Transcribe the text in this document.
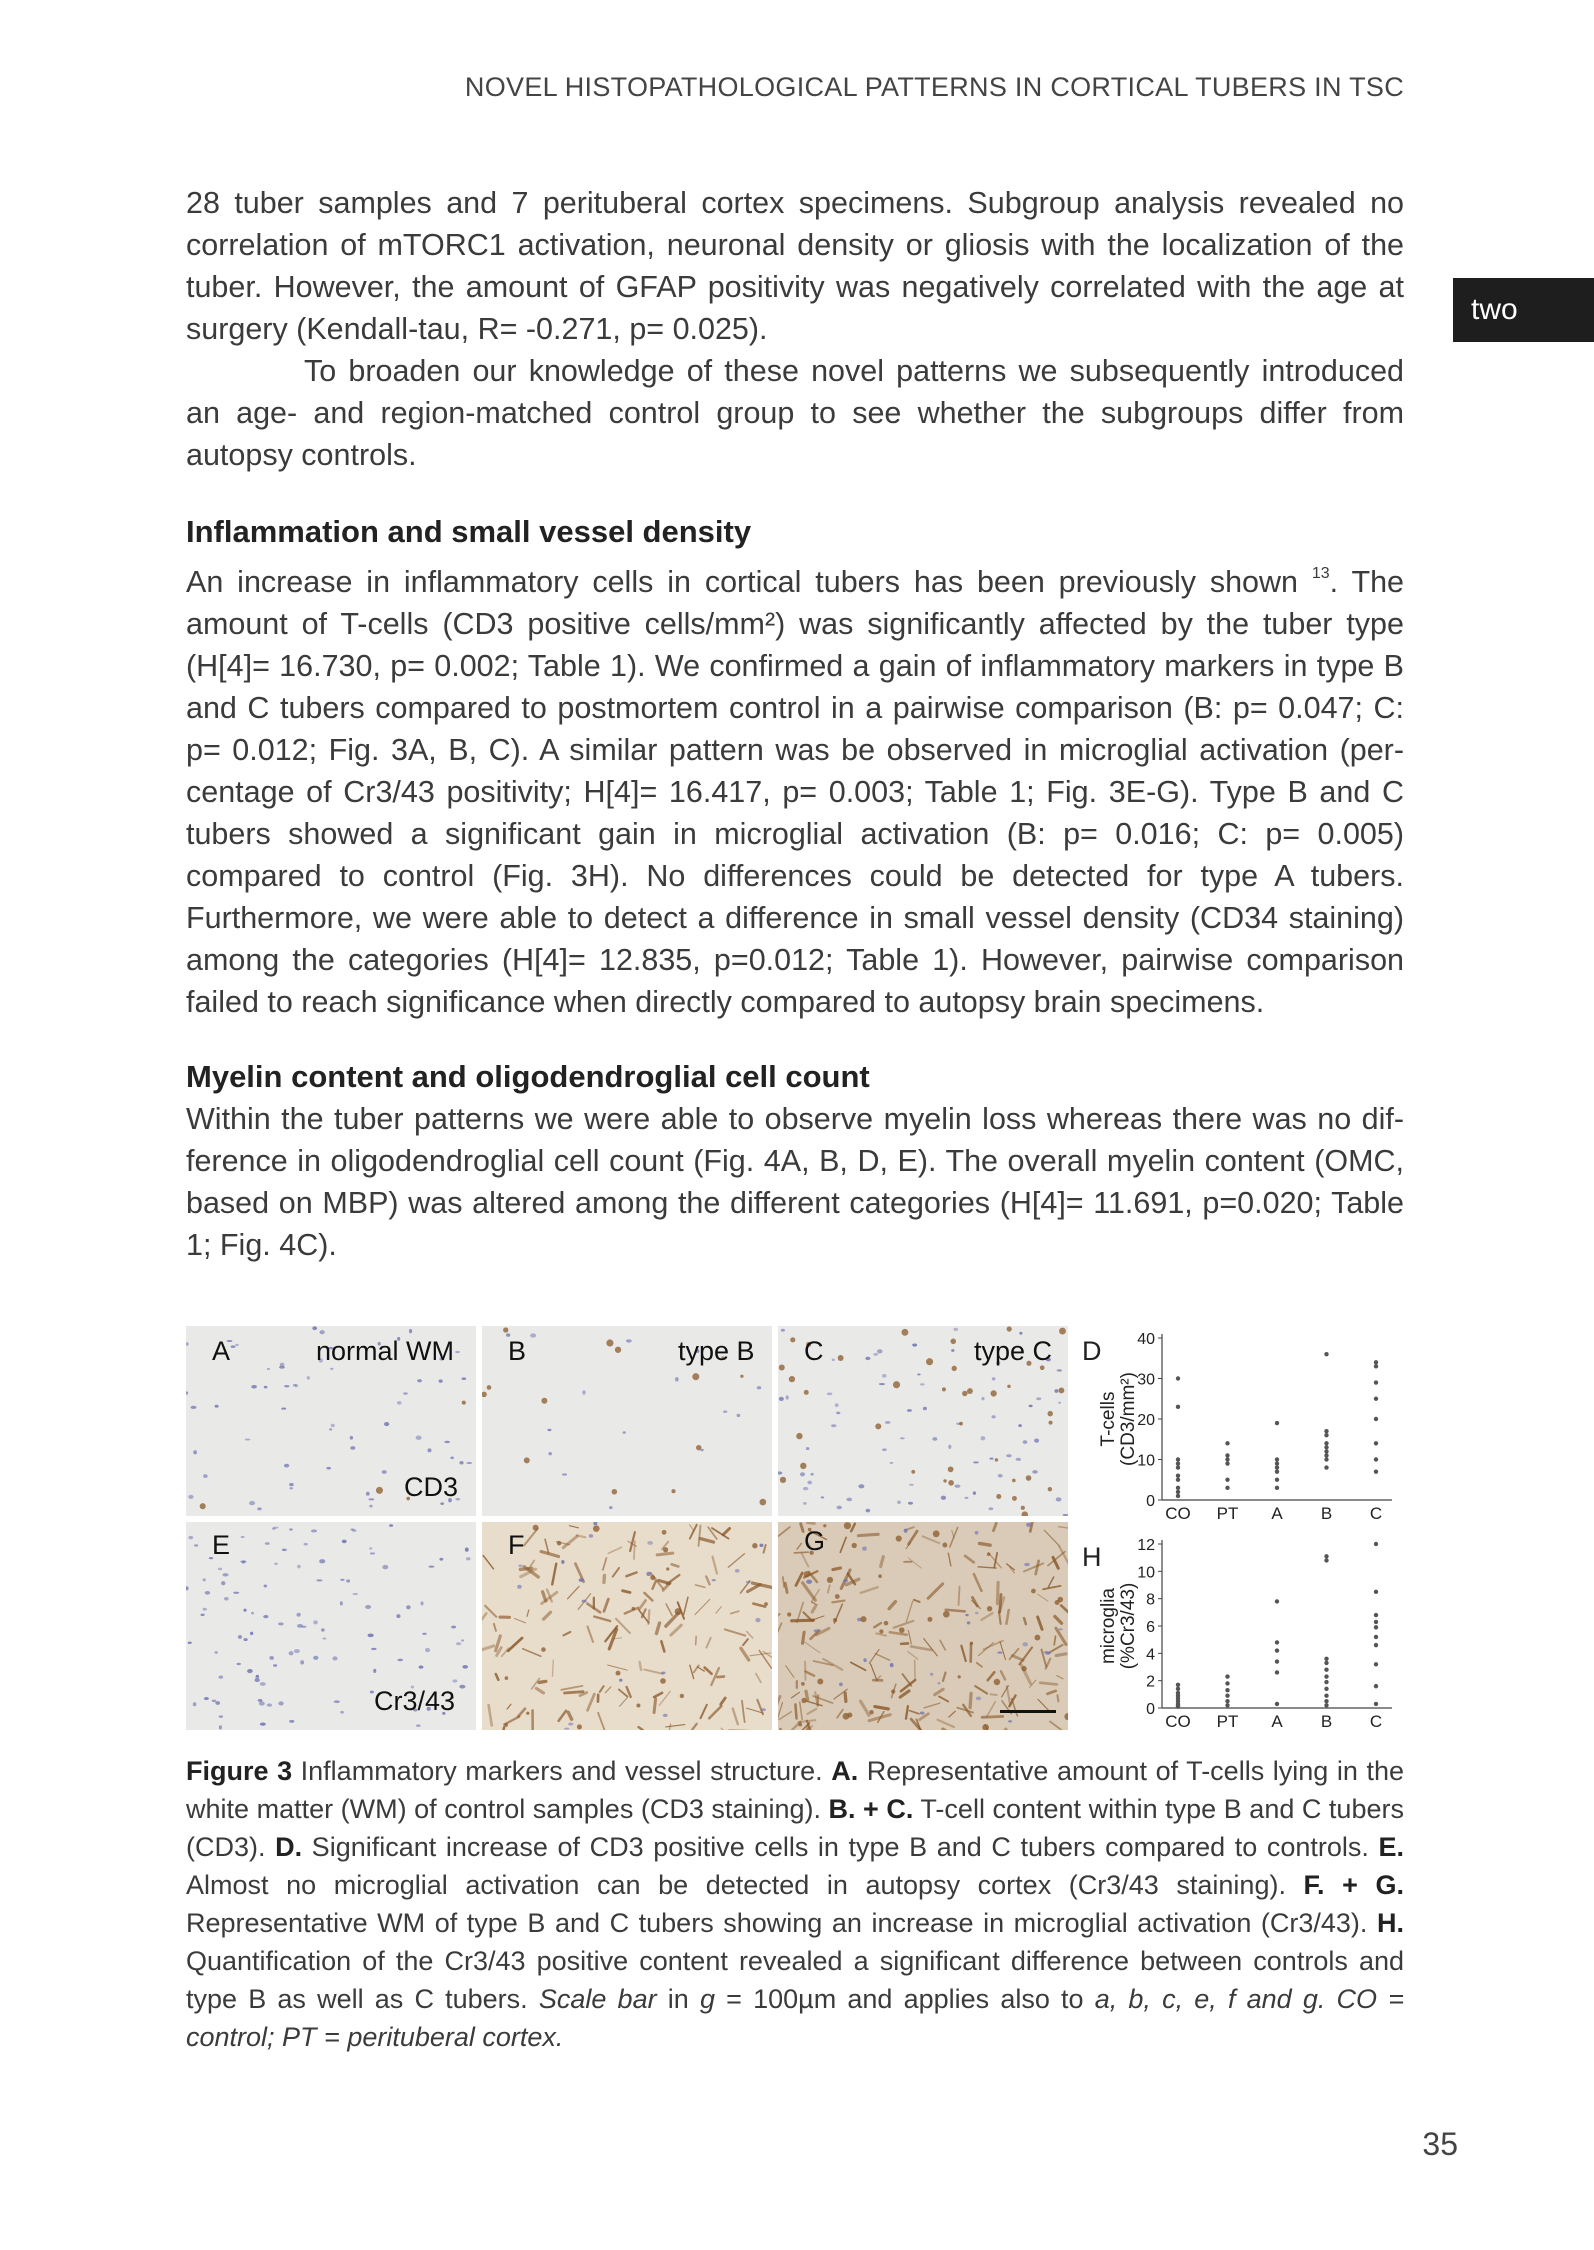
NOVEL HISTOPATHOLOGICAL PATTERNS IN CORTICAL TUBERS IN TSC
two

28 tuber samples and 7 perituberal cortex specimens. Subgroup analysis revealed no correlation of mTORC1 activation, neuronal density or gliosis with the localization of the tuber. However, the amount of GFAP positivity was negatively correlated with the age at surgery (Kendall-tau, R= -0.271, p= 0.025).

To broaden our knowledge of these novel patterns we subsequently introduced an age- and region-matched control group to see whether the subgroups differ from autopsy controls.

Inflammation and small vessel density

An increase in inflammatory cells in cortical tubers has been previously shown $^{13}$. The amount of T-cells (CD3 positive cells/mm²) was significantly affected by the tuber type (H[4]= 16.730, p= 0.002; Table 1). We confirmed a gain of inflammatory markers in type B and C tubers compared to postmortem control in a pairwise comparison (B: p= 0.047; C: p= 0.012; Fig. 3A, B, C). A similar pattern was be observed in microglial activation (percentage of Cr3/43 positivity; H[4]= 16.417, p= 0.003; Table 1; Fig. 3E-G). Type B and C tubers showed a significant gain in microglial activation (B: p= 0.016; C: p= 0.005) compared to control (Fig. 3H). No differences could be detected for type A tubers. Furthermore, we were able to detect a difference in small vessel density (CD34 staining) among the categories (H[4]= 12.835, p=0.012; Table 1). However, pairwise comparison failed to reach significance when directly compared to autopsy brain specimens.

Myelin content and oligodendroglial cell count

Within the tuber patterns we were able to observe myelin loss whereas there was no difference in oligodendroglial cell count (Fig. 4A, B, D, E). The overall myelin content (OMC, based on MBP) was altered among the different categories (H[4]= 11.691, p=0.020; Table 1; Fig. 4C).

A	normal WM
CD3
B	type B C	type C
E
Cr3/43
F	G
D
0
10
20
30
40
CO PT A B C
T-cells (CD3/mm²)
H
0
2
4
6
8
10
12
CO PT A B C
microglia (%Cr3/43)

Figure 3 Inflammatory markers and vessel structure. A. Representative amount of T-cells lying in the white matter (WM) of control samples (CD3 staining). B. + C. T-cell content within type B and C tubers (CD3). D. Significant increase of CD3 positive cells in type B and C tubers compared to controls. E. Almost no microglial activation can be detected in autopsy cortex (Cr3/43 staining). F. + G. Representative WM of type B and C tubers showing an increase in microglial activation (Cr3/43). H. Quantification of the Cr3/43 positive content revealed a significant difference between controls and type B as well as C tubers. Scale bar in g = 100µm and applies also to a, b, c, e, f and g. CO = control; PT = perituberal cortex.

35
